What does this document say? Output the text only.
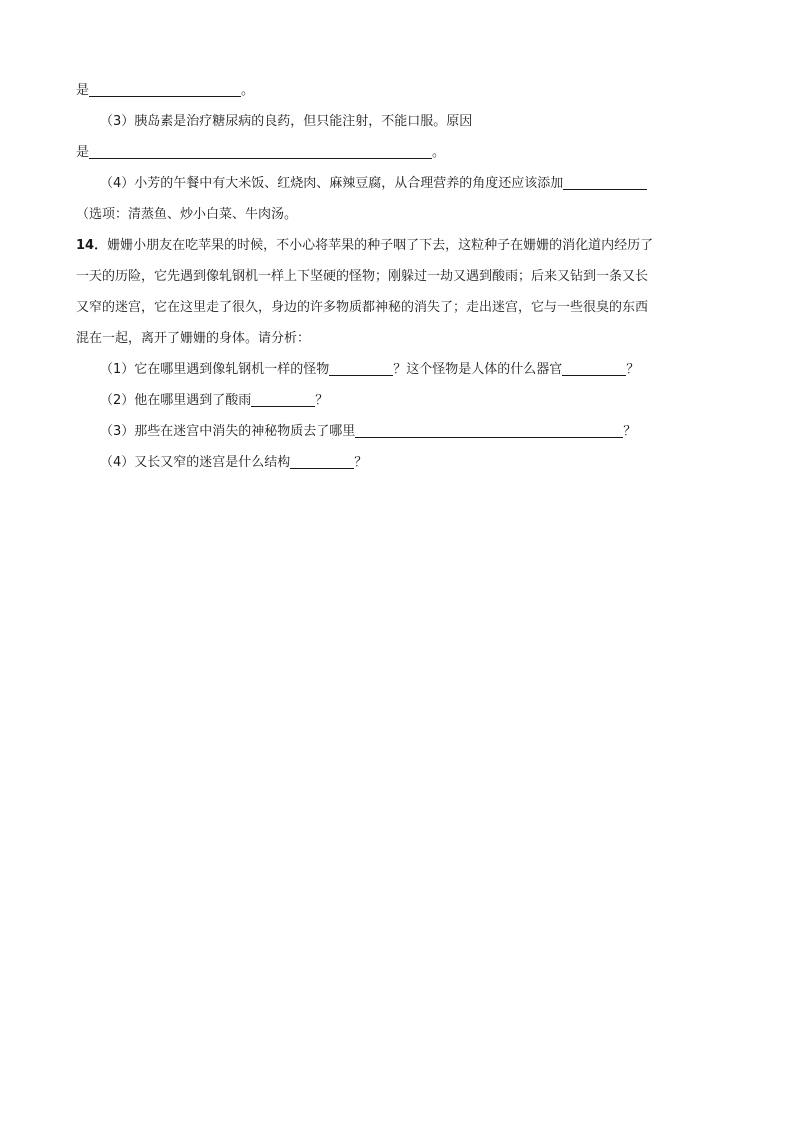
是	。
（3）胰岛素是治疗糖尿病的良药，但只能注射，不能口服。原因
是	。
（4）小芳的午餐中有大米饭、红烧肉、麻辣豆腐，从合理营养的角度还应该添加
（选项：清蒸鱼、炒小白菜、牛肉汤。
14．姗姗小朋友在吃苹果的时候，不小心将苹果的种子咽了下去，这粒种子在姗姗的消化道内经历了
一天的历险，它先遇到像轧钢机一样上下坚硬的怪物；刚躲过一劫又遇到酸雨；后来又钻到一条又长
又窄的迷宫，它在这里走了很久，身边的许多物质都神秘的消失了；走出迷宫，它与一些很臭的东西
混在一起，离开了姗姗的身体。请分析：
（1）它在哪里遇到像轧钢机一样的怪物	？这个怪物是人体的什么器官	？
（2）他在哪里遇到了酸雨	？
（3）那些在迷宫中消失的神秘物质去了哪里	？
（4）又长又窄的迷宫是什么结构	？
